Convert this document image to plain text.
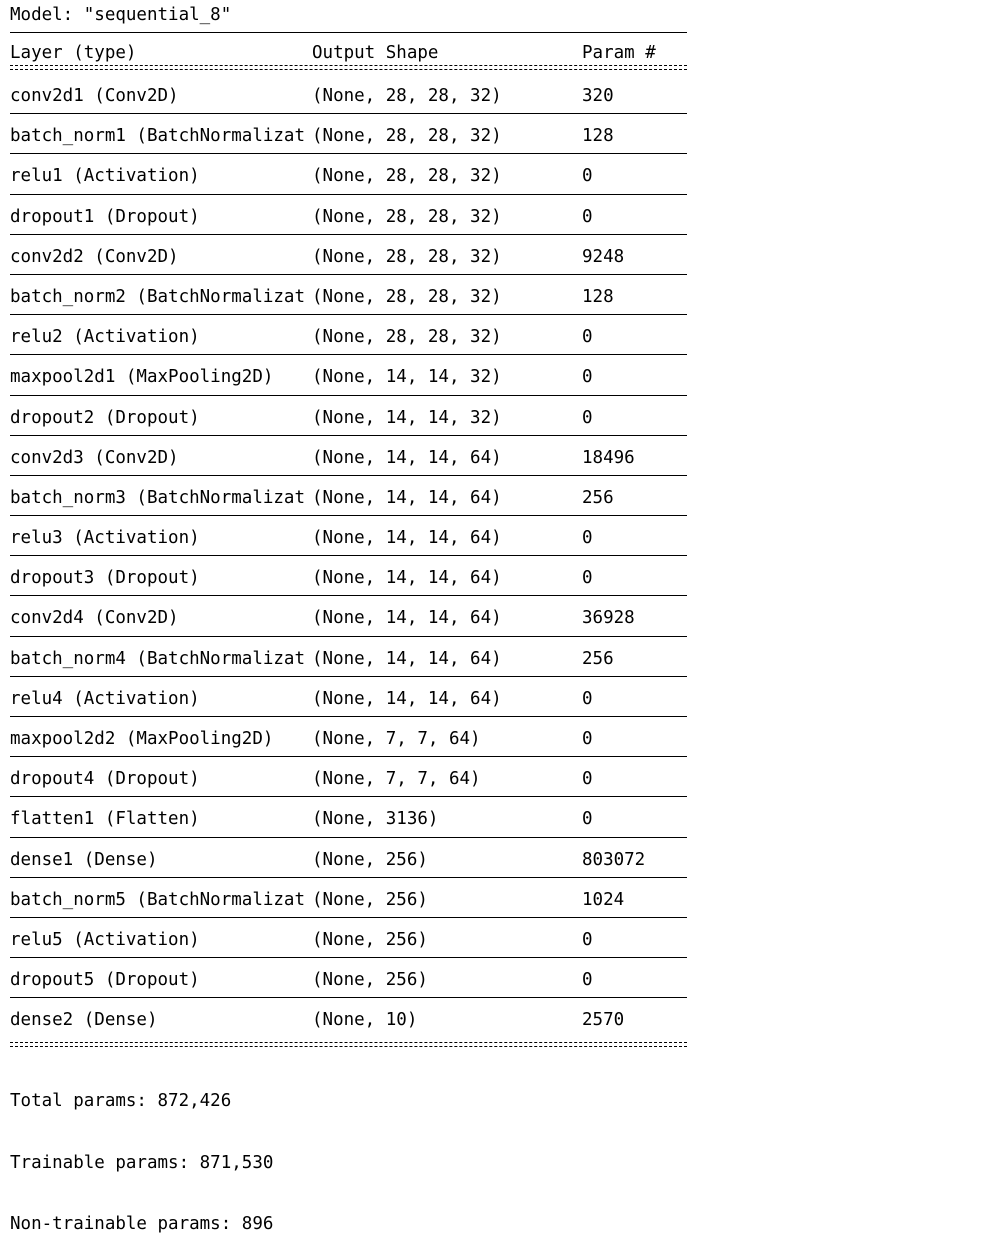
Model: "sequential_8"
Layer (type)	Output Shape	Param #
conv2d1 (Conv2D)	(None, 28, 28, 32)	320
batch_norm1 (BatchNormalizat (None, 28, 28, 32)	128
relu1 (Activation)	(None, 28, 28, 32)	0
dropout1 (Dropout)	(None, 28, 28, 32)	0
conv2d2 (Conv2D)	(None, 28, 28, 32)	9248
batch_norm2 (BatchNormalizat (None, 28, 28, 32)	128
relu2 (Activation)	(None, 28, 28, 32)	0
maxpool2d1 (MaxPooling2D) (None, 14, 14, 32)	0
dropout2 (Dropout)	(None, 14, 14, 32)	0
conv2d3 (Conv2D)	(None, 14, 14, 64)	18496
batch_norm3 (BatchNormalizat (None, 14, 14, 64)	256
relu3 (Activation)	(None, 14, 14, 64)	0
dropout3 (Dropout)	(None, 14, 14, 64)	0
conv2d4 (Conv2D)	(None, 14, 14, 64)	36928
batch_norm4 (BatchNormalizat (None, 14, 14, 64)	256
relu4 (Activation)	(None, 14, 14, 64)	0
maxpool2d2 (MaxPooling2D) (None, 7, 7, 64)	0
dropout4 (Dropout)	(None, 7, 7, 64)	0
flatten1 (Flatten)	(None, 3136)	0
dense1 (Dense)	(None, 256)	803072
batch_norm5 (BatchNormalizat (None, 256)	1024
relu5 (Activation)	(None, 256)	0
dropout5 (Dropout)	(None, 256)	0
dense2 (Dense)	(None, 10)	2570

Total params: 872,426

Trainable params: 871,530

Non-trainable params: 896
